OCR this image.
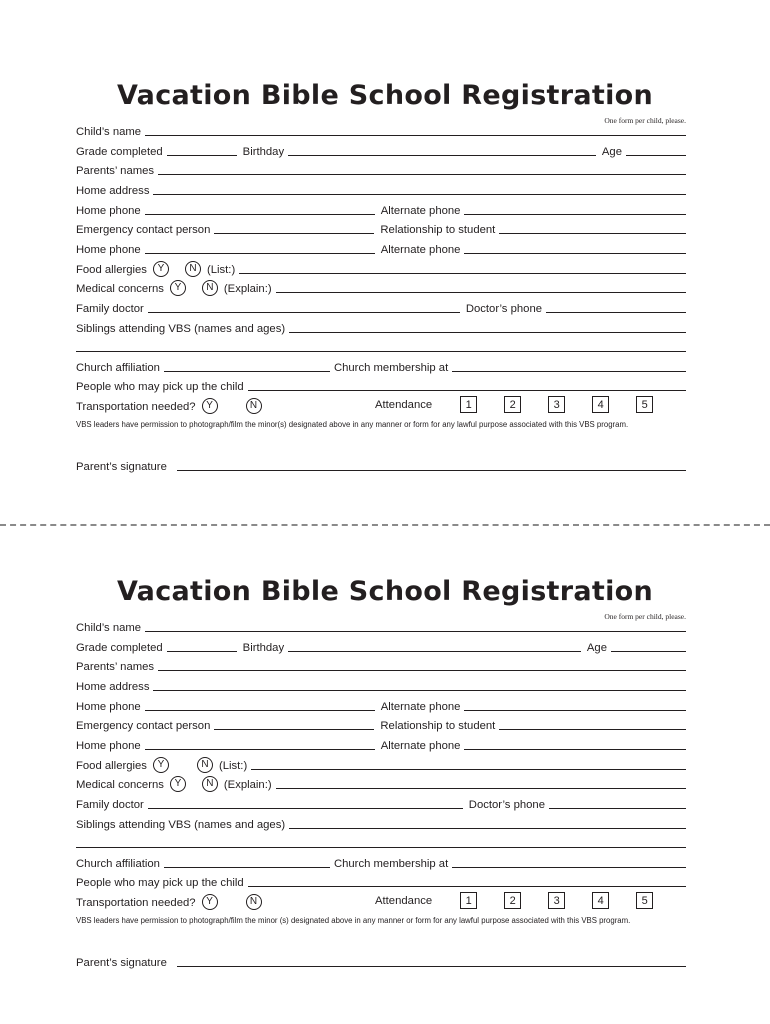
Vacation Bible School Registration
Child’s name
One form per child, please.
Grade completed	Birthday	Age
Parents’ names
Home address
Home phone	Alternate phone
Emergency contact person	Relationship to student
Home phone	Alternate phone
Food allergies	Y	N (List:)
Medical concerns	Y	N (Explain:)
Family doctor	Doctor’s phone
Siblings attending VBS (names and ages)
Church affiliation	Church membership at
People who may pick up the child
Transportation needed?	Y	N	Attendance	1	2	3	4	5
VBS leaders have permission to photograph/film the minor(s) designated above in any manner or form for any lawful purpose associated with this VBS program.
Parent’s signature
Vacation Bible School Registration
Child’s name
One form per child, please.
Grade completed	Birthday	Age
Parents’ names
Home address
Home phone	Alternate phone
Emergency contact person	Relationship to student
Home phone	Alternate phone
Food allergies	Y	N (List:)
Medical concerns	Y	N (Explain:)
Family doctor	Doctor’s phone
Siblings attending VBS (names and ages)
Church affiliation	Church membership at
People who may pick up the child
Transportation needed?	Y	N	Attendance	1	2	3	4	5
VBS leaders have permission to photograph/film the minor (s) designated above in any manner or form for any lawful purpose associated with this VBS program.
Parent’s signature
